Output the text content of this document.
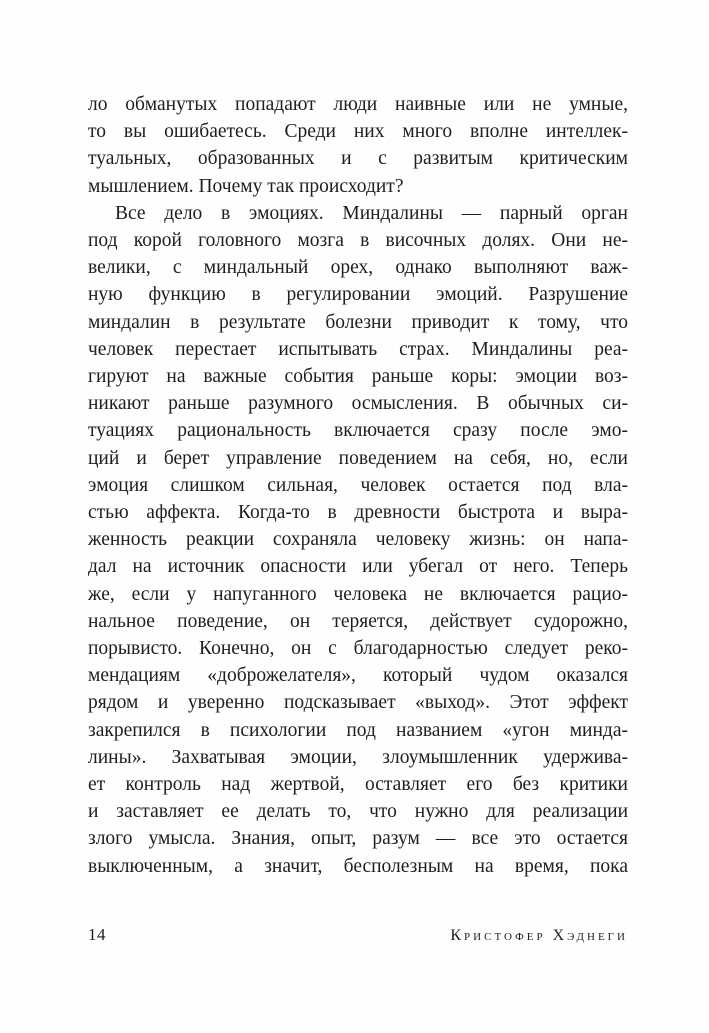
ло обманутых попадают люди наивные или не умные,
то вы ошибаетесь. Среди них много вполне интеллек-
туальных, образованных и с развитым критическим
мышлением. Почему так происходит?
Все дело в эмоциях. Миндалины — парный орган
под корой головного мозга в височных долях. Они не-
велики, с миндальный орех, однако выполняют важ-
ную функцию в регулировании эмоций. Разрушение
миндалин в результате болезни приводит к тому, что
человек перестает испытывать страх. Миндалины реа-
гируют на важные события раньше коры: эмоции воз-
никают раньше разумного осмысления. В обычных си-
туациях рациональность включается сразу после эмо-
ций и берет управление поведением на себя, но, если
эмоция слишком сильная, человек остается под вла-
стью аффекта. Когда-то в древности быстрота и выра-
женность реакции сохраняла человеку жизнь: он напа-
дал на источник опасности или убегал от него. Теперь
же, если у напуганного человека не включается рацио-
нальное поведение, он теряется, действует судорожно,
порывисто. Конечно, он с благодарностью следует реко-
мендациям «доброжелателя», который чудом оказался
рядом и уверенно подсказывает «выход». Этот эффект
закрепился в психологии под названием «угон минда-
лины». Захватывая эмоции, злоумышленник удержива-
ет контроль над жертвой, оставляет его без критики
и заставляет ее делать то, что нужно для реализации
злого умысла. Знания, опыт, разум — все это остается
выключенным, а значит, бесполезным на время, пока
14	Кристофер Хэднеги
